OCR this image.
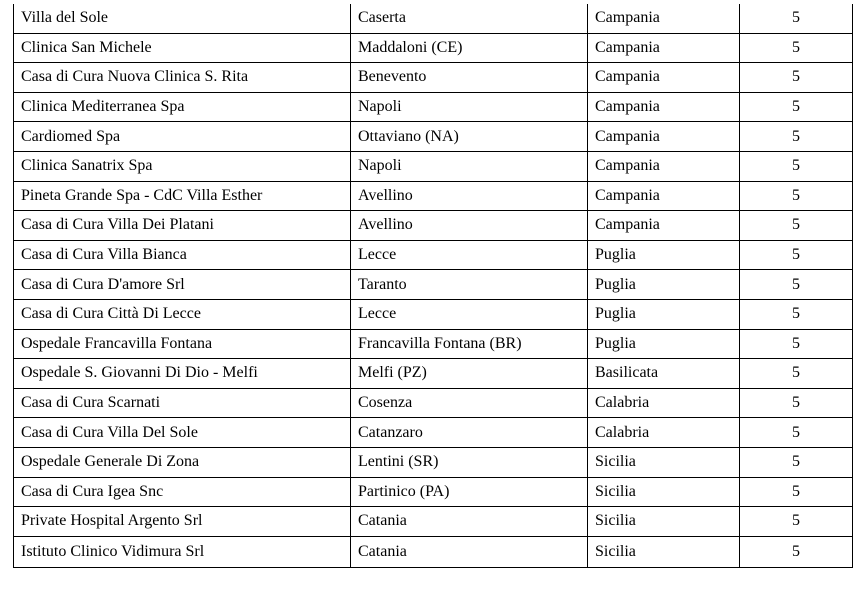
Villa del Sole	Caserta	Campania	5
Clinica San Michele	Maddaloni (CE)	Campania	5
Casa di Cura Nuova Clinica S. Rita	Benevento	Campania	5
Clinica Mediterranea Spa	Napoli	Campania	5
Cardiomed Spa	Ottaviano (NA)	Campania	5
Clinica Sanatrix Spa	Napoli	Campania	5
Pineta Grande Spa - CdC Villa Esther	Avellino	Campania	5
Casa di Cura Villa Dei Platani	Avellino	Campania	5
Casa di Cura Villa Bianca	Lecce	Puglia	5
Casa di Cura D'amore Srl	Taranto	Puglia	5
Casa di Cura Città Di Lecce	Lecce	Puglia	5
Ospedale Francavilla Fontana	Francavilla Fontana (BR)	Puglia	5
Ospedale S. Giovanni Di Dio - Melfi	Melfi (PZ)	Basilicata	5
Casa di Cura Scarnati	Cosenza	Calabria	5
Casa di Cura Villa Del Sole	Catanzaro	Calabria	5
Ospedale Generale Di Zona	Lentini (SR)	Sicilia	5
Casa di Cura Igea Snc	Partinico (PA)	Sicilia	5
Private Hospital Argento Srl	Catania	Sicilia	5
Istituto Clinico Vidimura Srl	Catania	Sicilia	5
